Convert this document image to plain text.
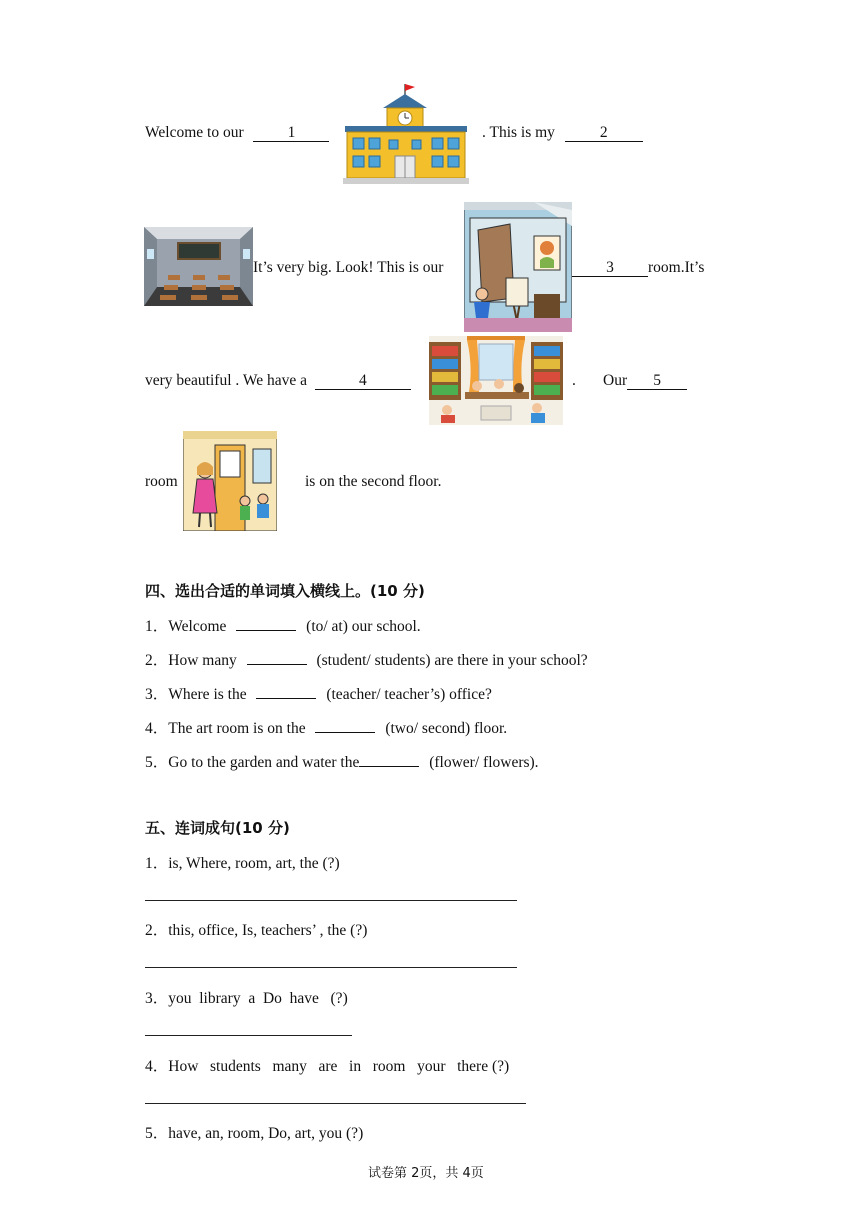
Welcome to our	1	. This is my	2
It’s very big. Look! This is our	3 room.It’s
very beautiful . We have a	4	. Our 5
room	is on the second floor.
四、选出合适的单词填入横线上。(10 分)
1．Welcome	(to/ at) our school.
2．How many	(student/ students) are there in your school?
3．Where is the	(teacher/ teacher’s) office?
4．The art room is on the	(two/ second) floor.
5．Go to the garden and water the	(flower/ flowers).
五、连词成句(10 分)
1．is, Where, room, art, the (?)
2．this, office, Is, teachers’ , the (?)
3．you  library  a  Do  have   (?)
4．How   students   many   are   in   room   your   there (?)
5．have, an, room, Do, art, you (?)
试卷第 2页，共 4页
